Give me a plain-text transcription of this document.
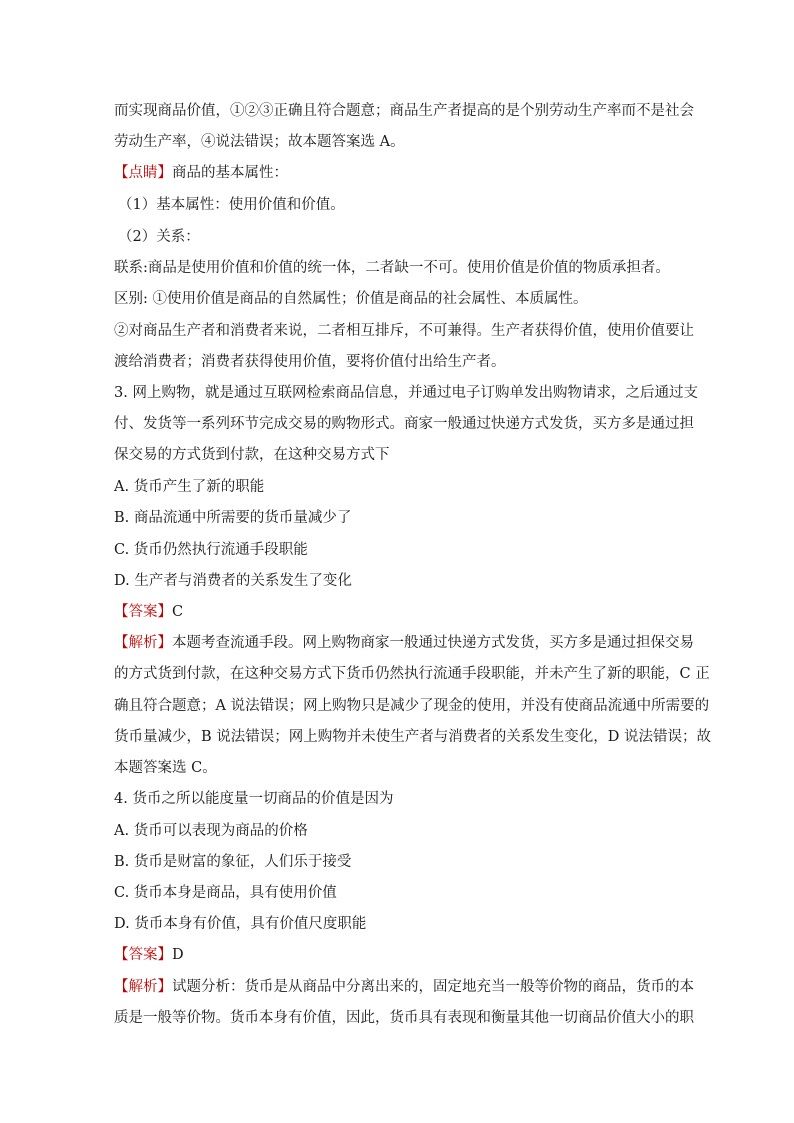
而实现商品价值，①②③正确且符合题意；商品生产者提高的是个别劳动生产率而不是社会
劳动生产率，④说法错误；故本题答案选 A。
【点睛】商品的基本属性：
（1）基本属性：使用价值和价值。
（2）关系：
联系:商品是使用价值和价值的统一体，二者缺一不可。使用价值是价值的物质承担者。
区别: ①使用价值是商品的自然属性；价值是商品的社会属性、本质属性。
②对商品生产者和消费者来说，二者相互排斥，不可兼得。生产者获得价值，使用价值要让
渡给消费者；消费者获得使用价值，要将价值付出给生产者。
3. 网上购物，就是通过互联网检索商品信息，并通过电子订购单发出购物请求，之后通过支
付、发货等一系列环节完成交易的购物形式。商家一般通过快递方式发货，买方多是通过担
保交易的方式货到付款，在这种交易方式下
A. 货币产生了新的职能
B. 商品流通中所需要的货币量减少了
C. 货币仍然执行流通手段职能
D. 生产者与消费者的关系发生了变化
【答案】C
【解析】本题考查流通手段。网上购物商家一般通过快递方式发货，买方多是通过担保交易
的方式货到付款，在这种交易方式下货币仍然执行流通手段职能，并未产生了新的职能，C 正
确且符合题意；A 说法错误；网上购物只是减少了现金的使用，并没有使商品流通中所需要的
货币量减少，B 说法错误；网上购物并未使生产者与消费者的关系发生变化，D 说法错误；故
本题答案选 C。
4. 货币之所以能度量一切商品的价值是因为
A. 货币可以表现为商品的价格
B. 货币是财富的象征，人们乐于接受
C. 货币本身是商品，具有使用价值
D. 货币本身有价值，具有价值尺度职能
【答案】D
【解析】试题分析：货币是从商品中分离出来的，固定地充当一般等价物的商品，货币的本
质是一般等价物。货币本身有价值，因此，货币具有表现和衡量其他一切商品价值大小的职
